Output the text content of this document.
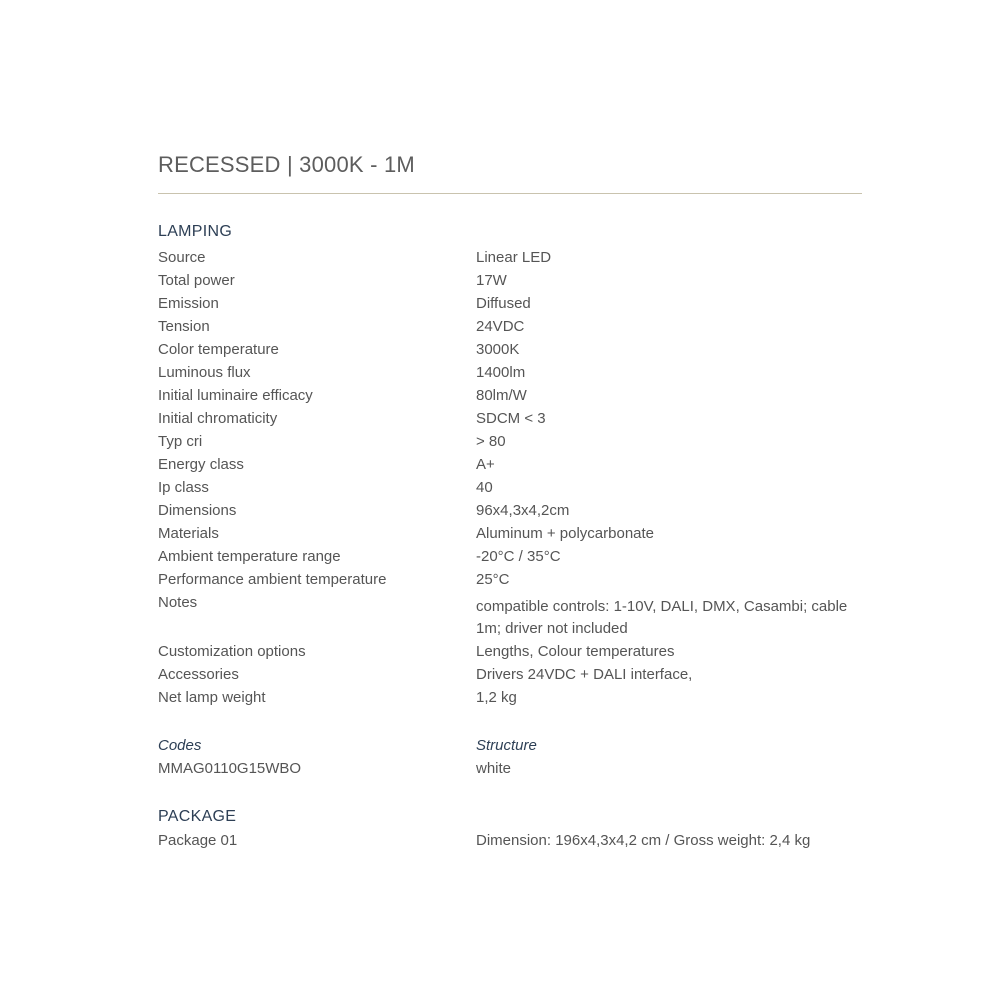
RECESSED | 3000K - 1M
LAMPING
Source	Linear LED
Total power	17W
Emission	Diffused
Tension	24VDC
Color temperature	3000K
Luminous flux	1400lm
Initial luminaire efficacy	80lm/W
Initial chromaticity	SDCM < 3
Typ cri	> 80
Energy class	A+
Ip class	40
Dimensions	96x4,3x4,2cm
Materials	Aluminum + polycarbonate
Ambient temperature range	-20°C / 35°C
Performance ambient temperature	25°C
Notes	compatible controls: 1-10V, DALI, DMX, Casambi; cable 1m; driver not included
Customization options	Lengths, Colour temperatures
Accessories	Drivers 24VDC + DALI interface,
Net lamp weight	1,2 kg
Codes	Structure
MMAG0110G15WBO	white
PACKAGE
Package 01	Dimension: 196x4,3x4,2 cm / Gross weight: 2,4 kg
